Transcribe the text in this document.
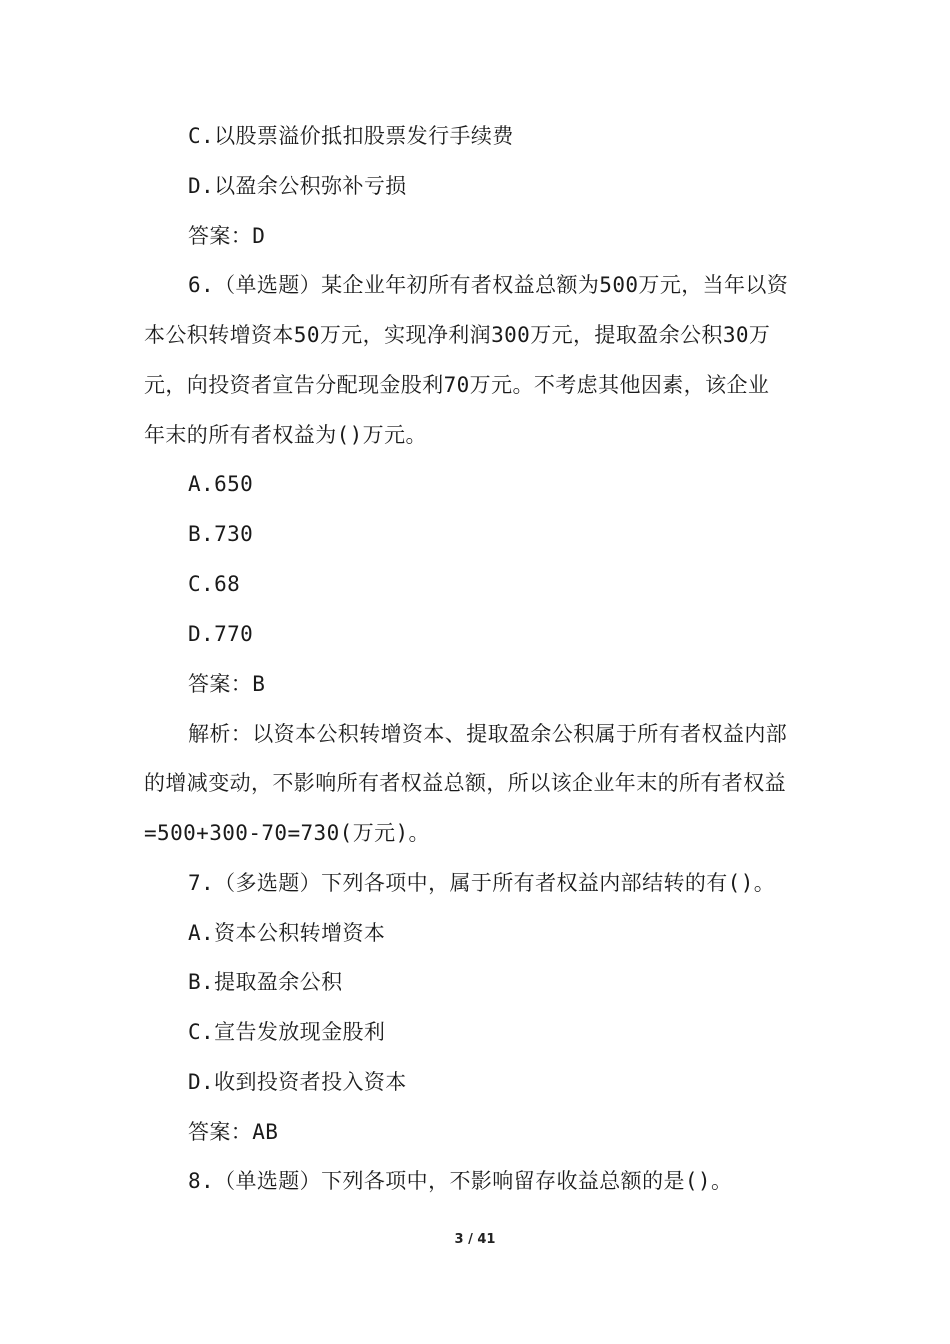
C.以股票溢价抵扣股票发行手续费
D.以盈余公积弥补亏损
答案：D
6.（单选题）某企业年初所有者权益总额为500万元，当年以资
本公积转增资本50万元，实现净利润300万元，提取盈余公积30万
元，向投资者宣告分配现金股利70万元。不考虑其他因素，该企业
年末的所有者权益为()万元。
A.650
B.730
C.68
D.770
答案：B
解析：以资本公积转增资本、提取盈余公积属于所有者权益内部
的增减变动，不影响所有者权益总额，所以该企业年末的所有者权益
=500+300-70=730(万元)。
7.（多选题）下列各项中，属于所有者权益内部结转的有()。
A.资本公积转增资本
B.提取盈余公积
C.宣告发放现金股利
D.收到投资者投入资本
答案：AB
8.（单选题）下列各项中，不影响留存收益总额的是()。
3 / 41
